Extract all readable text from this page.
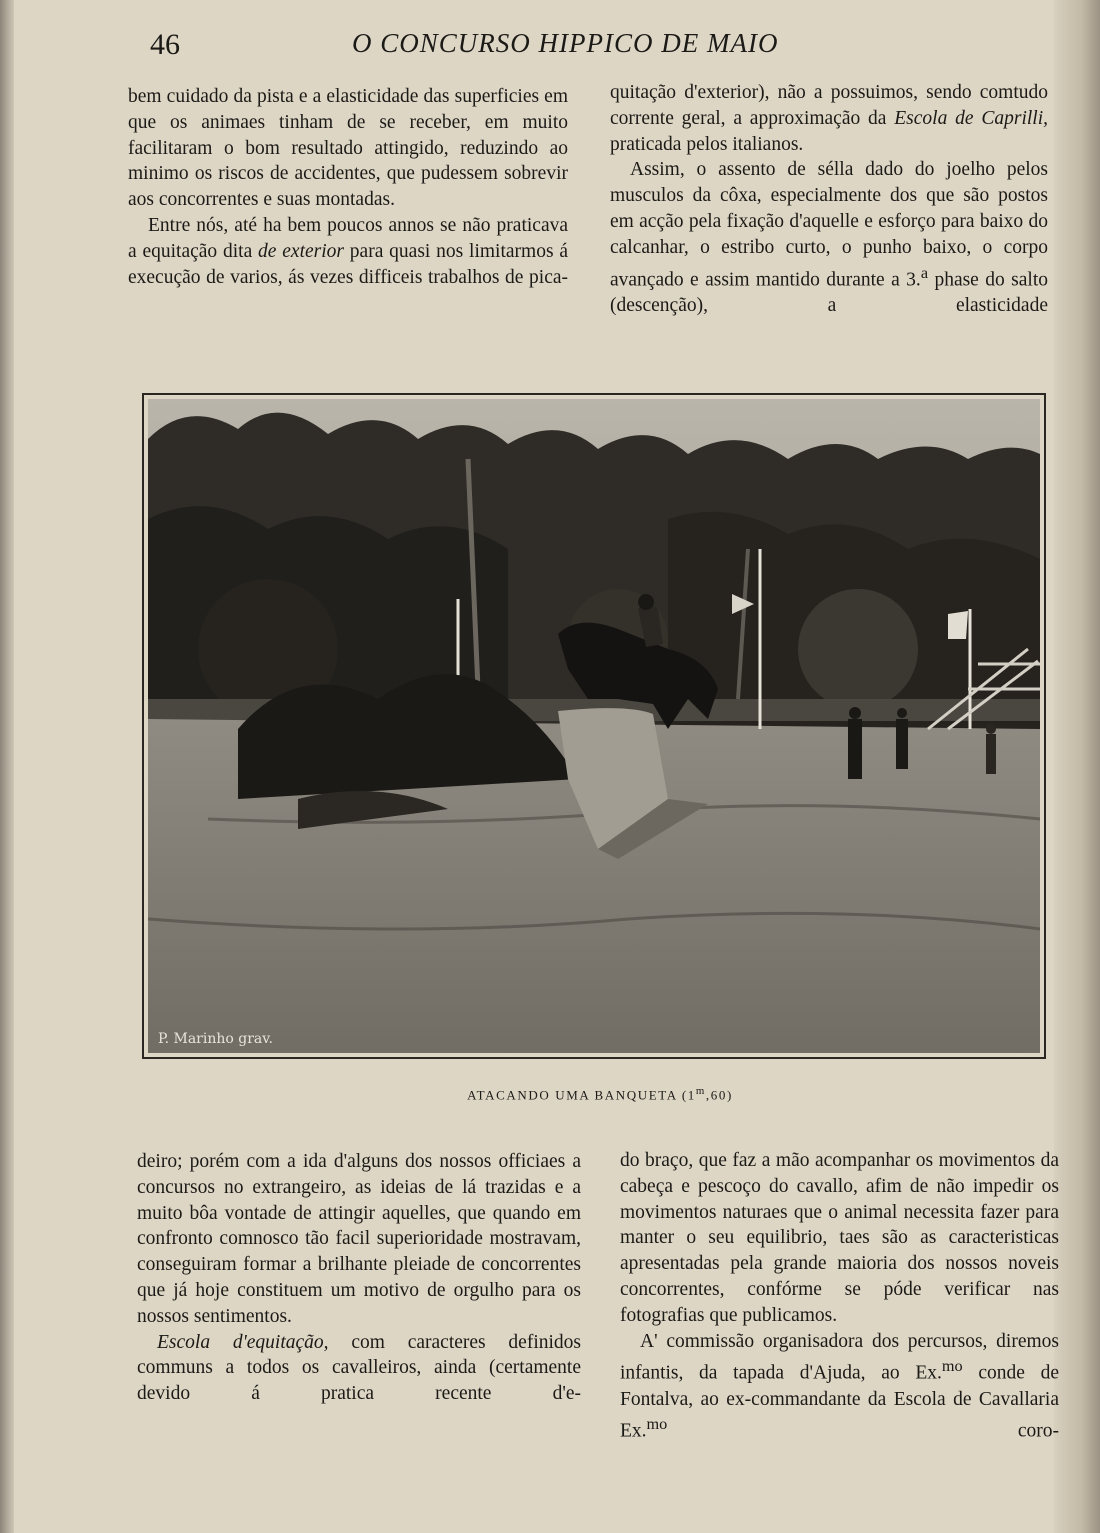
46	O CONCURSO HIPPICO DE MAIO

bem cuidado da pista e a elasticidade das superficies em que os animaes tinham de se receber, em muito facilitaram o bom resultado attingido, reduzindo ao minimo os riscos de accidentes, que pudessem sobrevir aos concorrentes e suas montadas.

Entre nós, até ha bem poucos annos se não praticava a equitação dita de exterior para quasi nos limitarmos á execução de varios, ás vezes difficeis trabalhos de pica-

quitação d'exterior), não a possuimos, sendo comtudo corrente geral, a approximação da Escola de Caprilli, praticada pelos italianos.

Assim, o assento de séllа dado do joelho pelos musculos da côxa, especialmente dos que são postos em acção pela fixação d'aquelle e esforço para baixo do calcanhar, o estribo curto, o punho baixo, o corpo avançado e assim mantido durante a 3.$^a$ phase do salto (descenção), a elasticidade

P. Marinho grav.
ATACANDO UMA BANQUETA (1$^m$,60)

deiro; porém com a ida d'alguns dos nossos officiaes a concursos no extrangeiro, as ideias de lá trazidas e a muito bôa vontade de attingir aquelles, que quando em confronto comnosco tão facil superioridade mostravam, conseguiram formar a brilhante pleiade de concorrentes que já hoje constituem um motivo de orgulho para os nossos sentimentos.

Escola d'equitação, com caracteres definidos communs a todos os cavalleiros, ainda (certamente devido á pratica recente d'e-

do braço, que faz a mão acompanhar os movimentos da cabeça e pescoço do cavallo, afim de não impedir os movimentos naturaes que o animal necessita fazer para manter o seu equilibrio, taes são as caracteristicas apresentadas pela grande maioria dos nossos noveis concorrentes, confórme se póde verificar nas fotografias que publicamos.

A' commissão organisadora dos percursos, diremos infantis, da tapada d'Ajuda, ao Ex.$^{mo}$ conde de Fontalva, ao ex-commandante da Escola de Cavallaria Ex.$^{mo}$ coro-
